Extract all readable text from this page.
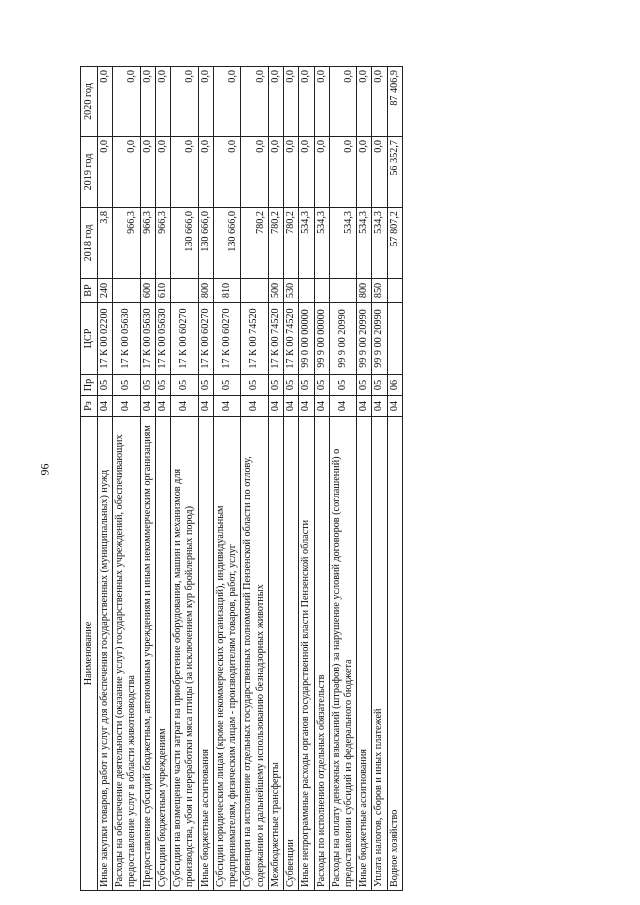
96
Наименование	Рз	Пр	ЦСР	ВР	2018 год	2019 год	2020 год
Иные закупки товаров, работ и услуг для обеспечения государственных (муниципальных) нужд	04	05	17 К 00 02200	240	3,8	0,0	0,0
Расходы на обеспечение деятельности (оказание услуг) государственных учреждений, обеспечивающих предоставление услуг в области животноводства	04	05	17 К 00 05630		966,3	0,0	0,0
Предоставление субсидий бюджетным, автономным учреждениям и иным некоммерческим организациям	04	05	17 К 00 05630	600	966,3	0,0	0,0
Субсидии бюджетным учреждениям	04	05	17 К 00 05630	610	966,3	0,0	0,0
Субсидии на возмещение части затрат на приобретение оборудования, машин и механизмов для производства, убоя и переработки мяса птицы (за исключением кур бройлерных пород)	04	05	17 К 00 60270		130 666,0	0,0	0,0
Иные бюджетные ассигнования	04	05	17 К 00 60270	800	130 666,0	0,0	0,0
Субсидии юридическим лицам (кроме некоммерческих организаций), индивидуальным предпринимателям, физическим лицам - производителям товаров, работ, услуг	04	05	17 К 00 60270	810	130 666,0	0,0	0,0
Субвенции на исполнение отдельных государственных полномочий Пензенской области по отлову, содержанию и дальнейшему использованию безнадзорных животных	04	05	17 К 00 74520		780,2	0,0	0,0
Межбюджетные трансферты	04	05	17 К 00 74520	500	780,2	0,0	0,0
Субвенции	04	05	17 К 00 74520	530	780,2	0,0	0,0
Иные непрограммные расходы органов государственной власти Пензенской области	04	05	99 0 00 00000		534,3	0,0	0,0
Расходы по исполнению отдельных обязательств	04	05	99 9 00 00000		534,3	0,0	0,0
Расходы на оплату денежных взысканий (штрафов) за нарушение условий договоров (соглашений) о предоставлении субсидий из федерального бюджета	04	05	99 9 00 20990		534,3	0,0	0,0
Иные бюджетные ассигнования	04	05	99 9 00 20990	800	534,3	0,0	0,0
Уплата налогов, сборов и иных платежей	04	05	99 9 00 20990	850	534,3	0,0	0,0
Водное хозяйство	04	06			57 807,2	56 352,7	87 406,9
